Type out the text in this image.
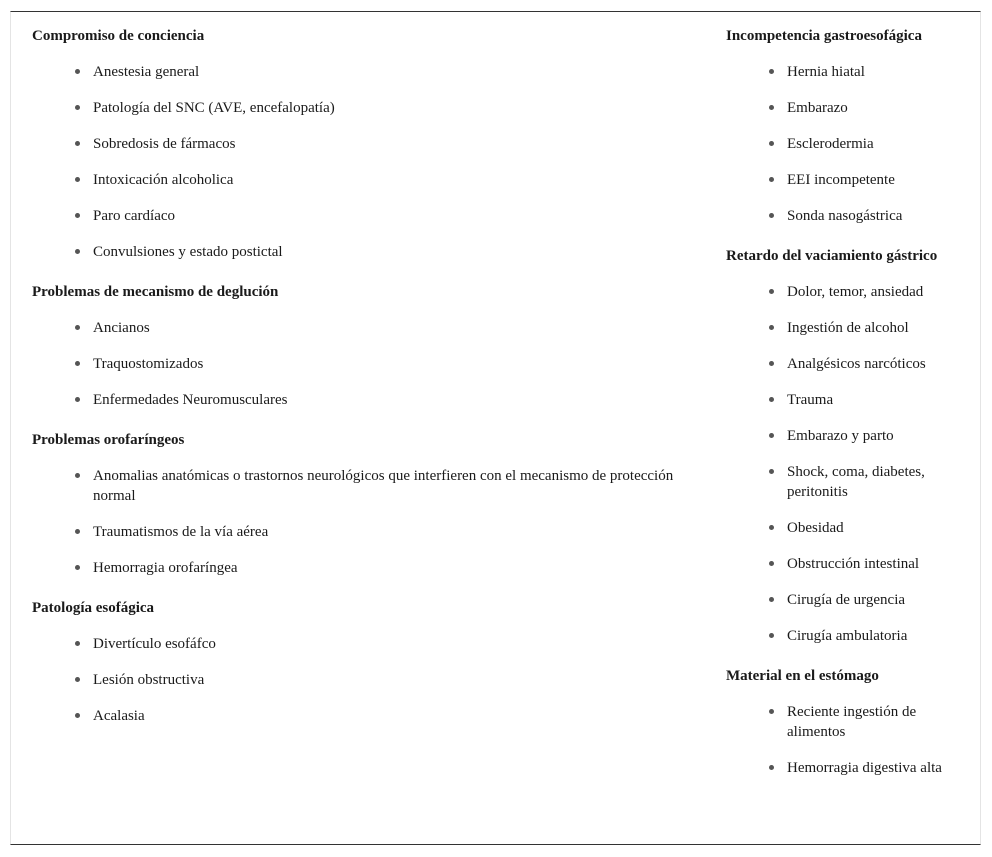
Compromiso de conciencia
Anestesia general
Patología del SNC (AVE, encefalopatía)
Sobredosis de fármacos
Intoxicación alcoholica
Paro cardíaco
Convulsiones y estado postictal
Problemas de mecanismo de deglución
Ancianos
Traquostomizados
Enfermedades Neuromusculares
Problemas orofaríngeos
Anomalias anatómicas o trastornos neurológicos que interfieren con el mecanismo de protección normal
Traumatismos de la vía aérea
Hemorragia orofaríngea
Patología esofágica
Divertículo esofáfco
Lesión obstructiva
Acalasia
Incompetencia gastroesofágica
Hernia hiatal
Embarazo
Esclerodermia
EEI incompetente
Sonda nasogástrica
Retardo del vaciamiento gástrico
Dolor, temor, ansiedad
Ingestión de alcohol
Analgésicos narcóticos
Trauma
Embarazo y parto
Shock, coma, diabetes, peritonitis
Obesidad
Obstrucción intestinal
Cirugía de urgencia
Cirugía ambulatoria
Material en el estómago
Reciente ingestión de alimentos
Hemorragia digestiva alta
